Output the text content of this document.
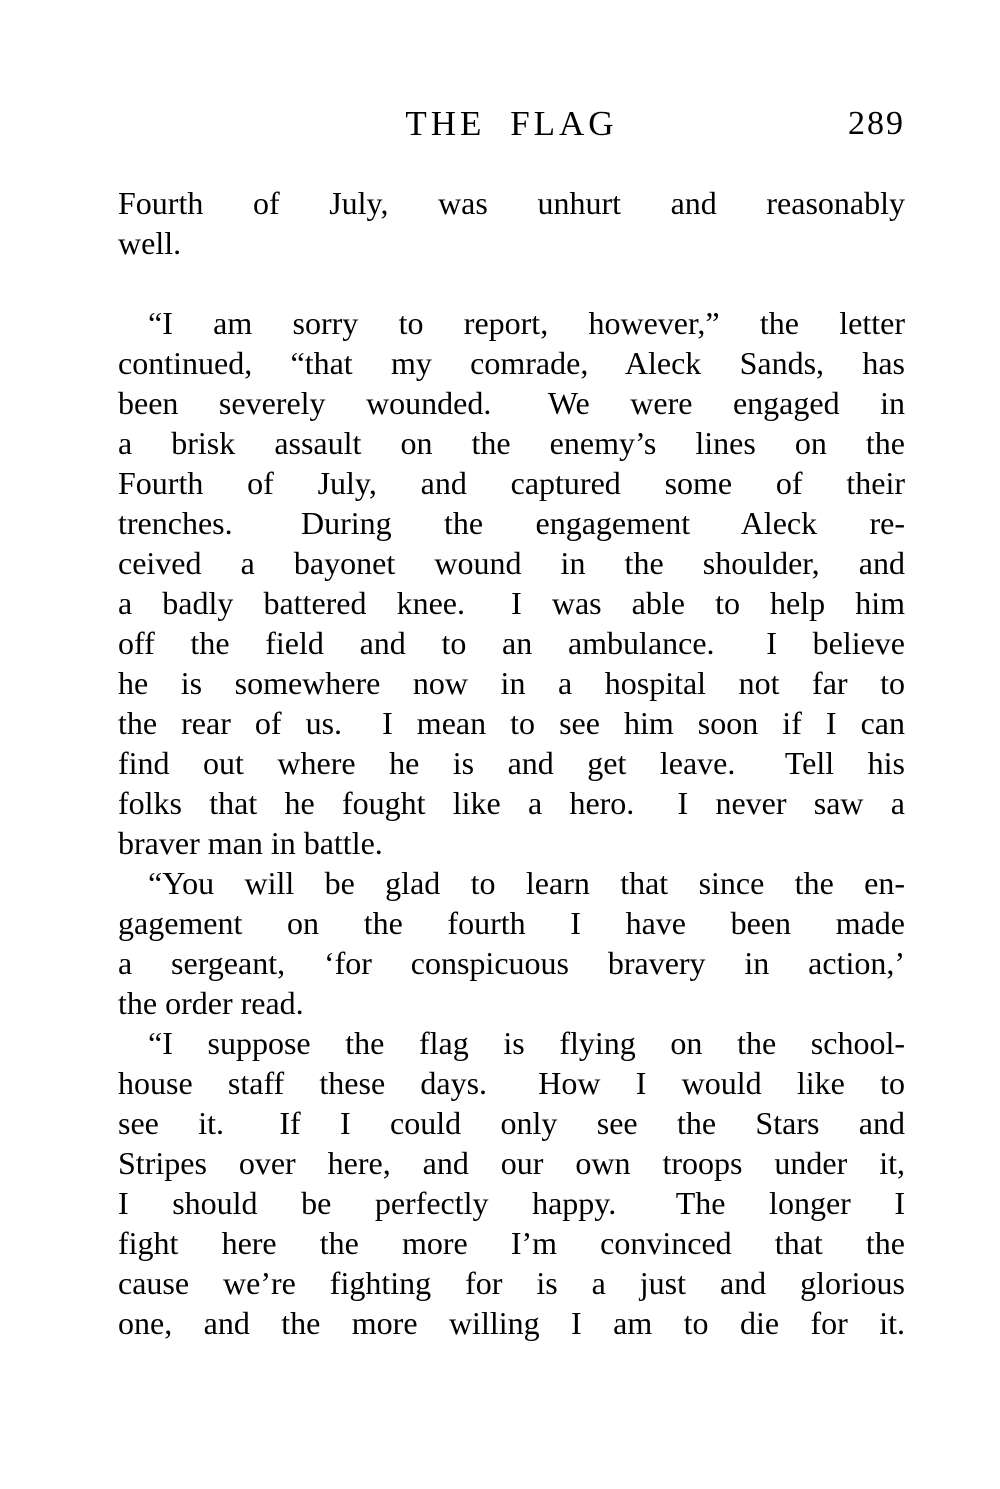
THE FLAG	289
Fourth of July, was unhurt and reasonably
well.
“I am sorry to report, however,” the letter
continued, “that my comrade, Aleck Sands, has
been severely wounded.  We were engaged in
a brisk assault on the enemy’s lines on the
Fourth of July, and captured some of their
trenches.  During the engagement Aleck re-
ceived a bayonet wound in the shoulder, and
a badly battered knee.  I was able to help him
off the field and to an ambulance.  I believe
he is somewhere now in a hospital not far to
the rear of us.  I mean to see him soon if I can
find out where he is and get leave.  Tell his
folks that he fought like a hero.  I never saw a
braver man in battle.
“You will be glad to learn that since the en-
gagement on the fourth I have been made
a sergeant, ‘for conspicuous bravery in action,’
the order read.
“I suppose the flag is flying on the school-
house staff these days.  How I would like to
see it.  If I could only see the Stars and
Stripes over here, and our own troops under it,
I should be perfectly happy.  The longer I
fight here the more I’m convinced that the
cause we’re fighting for is a just and glorious
one, and the more willing I am to die for it.
